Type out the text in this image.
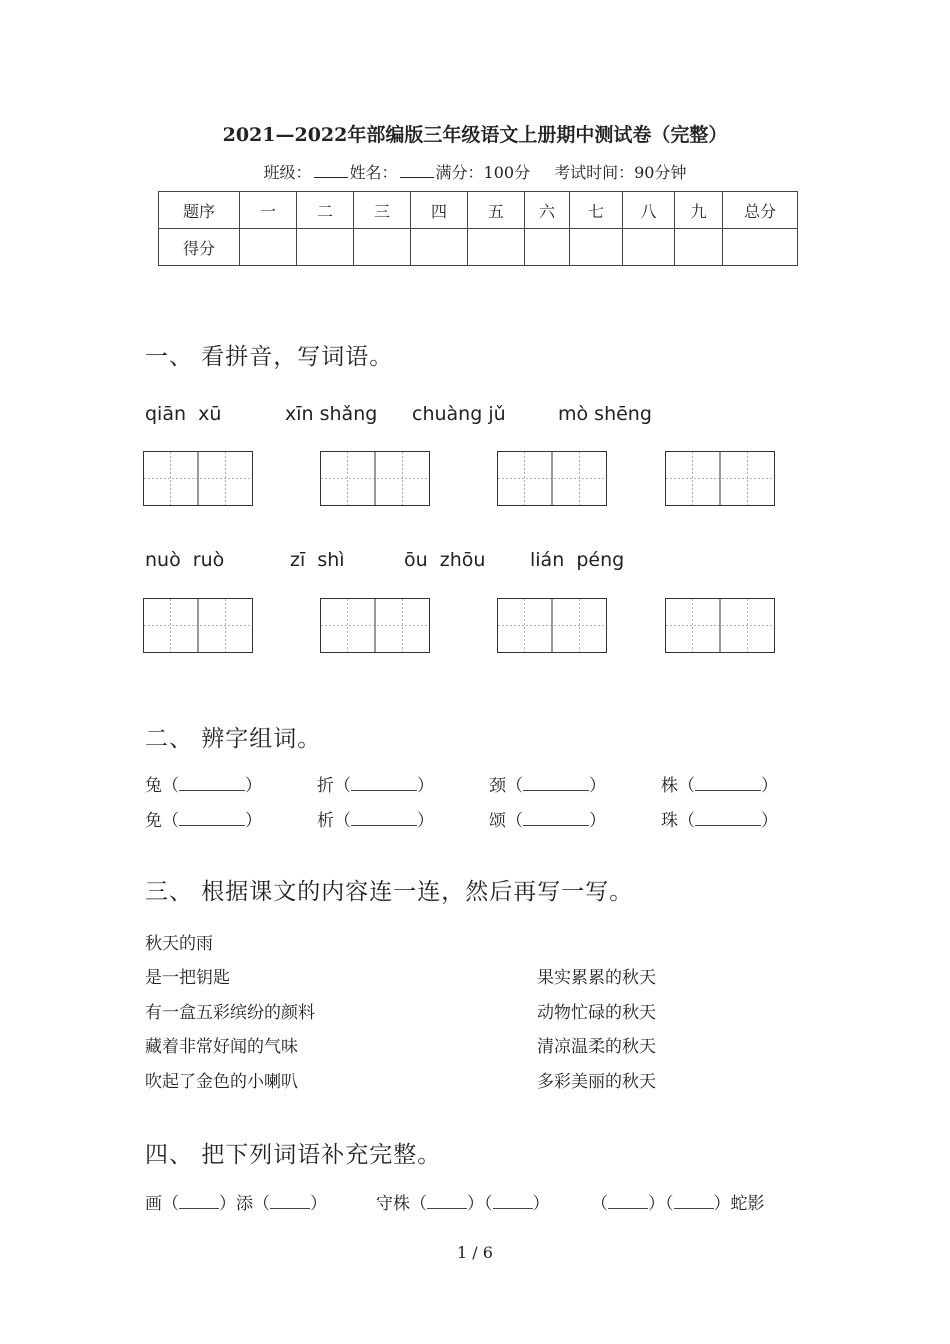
2021—2022年部编版三年级语文上册期中测试卷（完整）
班级： 姓名： 满分：100分 考试时间：90分钟
题序	一	二	三	四	五	六	七	八	九	总分
得分										
一、 看拼音，写词语。
qiān  xū	xīn shǎng chuàng jǔ	mò shēng
nuò  ruò	zī  shì	ōu  zhōu lián  péng
二、 辨字组词。
兔（	）	折（	）	颈（	）	株（	）
免（	）	析（	）	颂（	）	珠（	）
三、 根据课文的内容连一连，然后再写一写。
秋天的雨
是一把钥匙
有一盒五彩缤纷的颜料
藏着非常好闻的气味
吹起了金色的小喇叭
果实累累的秋天
动物忙碌的秋天
清凉温柔的秋天
多彩美丽的秋天
四、 把下列词语补充完整。
画（ ）添（ ）	守株（ ）（ ） （ ）（ ）蛇影
1 / 6
